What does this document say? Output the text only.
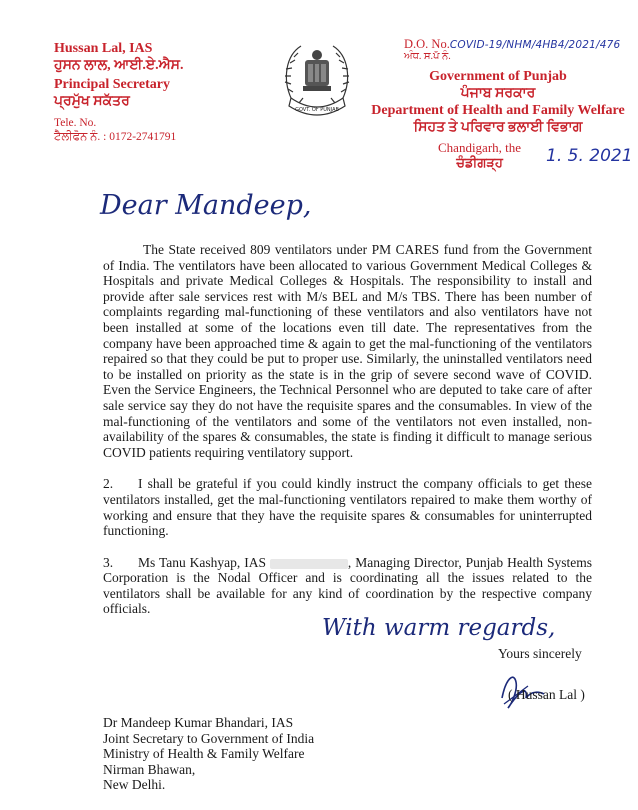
Hussan Lal, IAS
ਹੁਸਨ ਲਾਲ, ਆਈ.ਏ.ਐਸ.
Principal Secretary
ਪ੍ਰਮੁੱਖ ਸਕੱਤਰ
Tele. No.
ਟੈਲੀਫੋਨ ਨੰ. : 0172-2741791
GOVT. OF PUNJAB
D.O. No.COVID-19/NHM/4HB4/2021/476
ਅੰਧ. ਸ.ਪੱ ਨੰ.
Government of Punjab
ਪੰਜਾਬ ਸਰਕਾਰ
Department of Health and Family Welfare
ਸਿਹਤ ਤੇ ਪਰਿਵਾਰ ਭਲਾਈ ਵਿਭਾਗ
Chandigarh, the
ਚੰਡੀਗੜ੍ਹ	1. 5. 2021
Dear Mandeep,

The State received 809 ventilators under PM CARES fund from the Government of India. The ventilators have been allocated to various Government Medical Colleges & Hospitals and private Medical Colleges & Hospitals. The responsibility to install and provide after sale services rest with M/s BEL and M/s TBS. There has been number of complaints regarding mal-functioning of these ventilators and also ventilators have not been installed at some of the locations even till date. The representatives from the company have been approached time & again to get the mal-functioning of the ventilators repaired so that they could be put to proper use. Similarly, the uninstalled ventilators need to be installed on priority as the state is in the grip of severe second wave of COVID. Even the Service Engineers, the Technical Personnel who are deputed to take care of after sale service say they do not have the requisite spares and the consumables. In view of the mal-functioning of the ventilators and some of the ventilators not even installed, non-availability of the spares & consumables, the state is finding it difficult to manage serious COVID patients requiring ventilatory support.

2. I shall be grateful if you could kindly instruct the company officials to get these ventilators installed, get the mal-functioning ventilators repaired to make them worthy of working and ensure that they have the requisite spares & consumables for uninterrupted functioning.

3. Ms Tanu Kashyap, IAS	, Managing Director, Punjab Health Systems Corporation is the Nodal Officer and is coordinating all the issues related to the ventilators shall be available for any kind of coordination by the respective company officials.

With warm regards,
Yours sincerely
( Hussan Lal )
Dr Mandeep Kumar Bhandari, IAS
Joint Secretary to Government of India
Ministry of Health & Family Welfare
Nirman Bhawan,
New Delhi.
